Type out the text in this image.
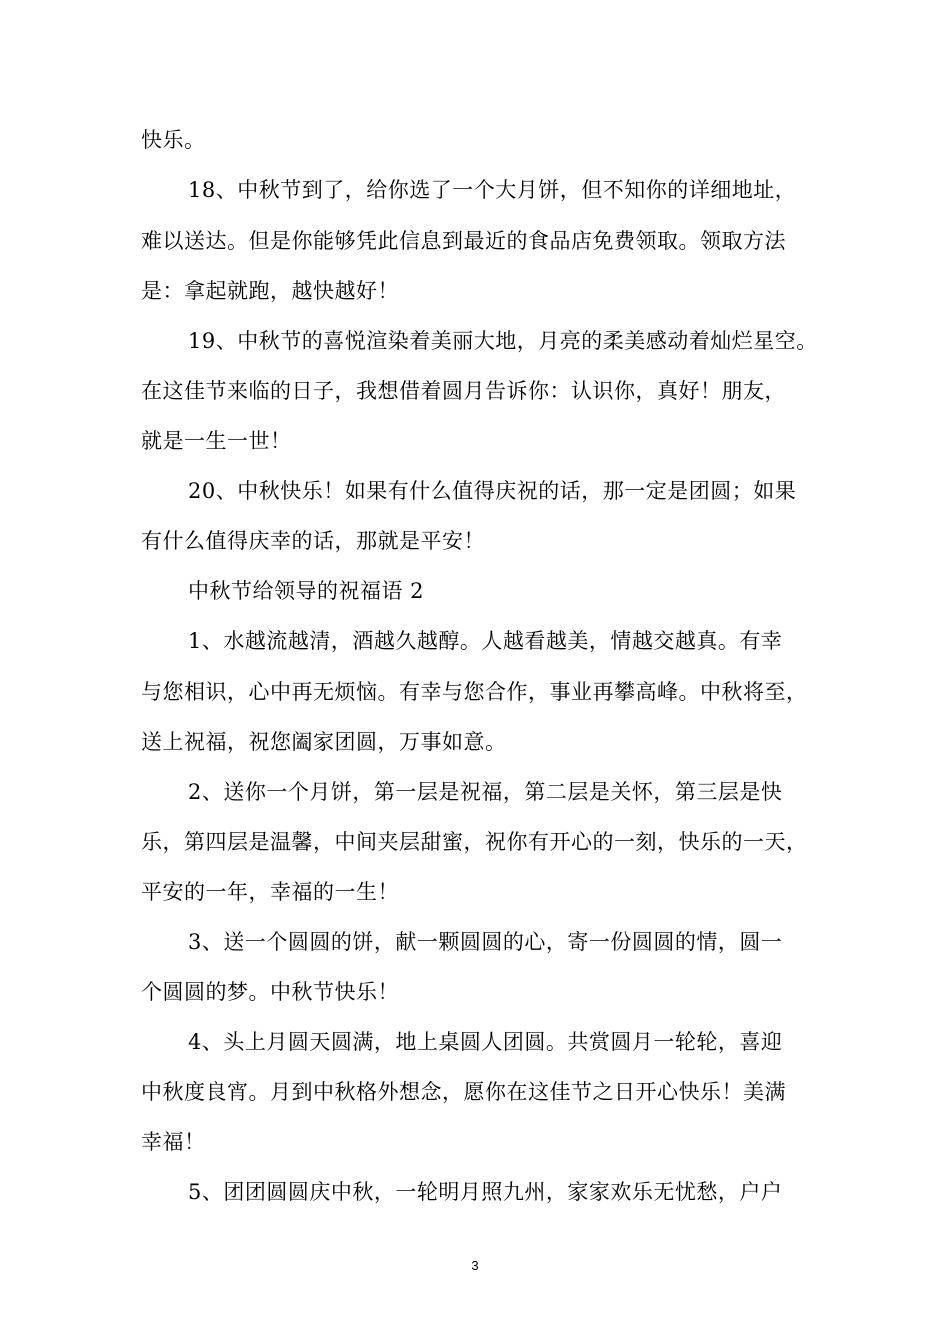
快乐。
18、中秋节到了，给你选了一个大月饼，但不知你的详细地址，
难以送达。但是你能够凭此信息到最近的食品店免费领取。领取方法
是：拿起就跑，越快越好！
19、中秋节的喜悦渲染着美丽大地，月亮的柔美感动着灿烂星空。
在这佳节来临的日子，我想借着圆月告诉你：认识你，真好！朋友，
就是一生一世！
20、中秋快乐！如果有什么值得庆祝的话，那一定是团圆；如果
有什么值得庆幸的话，那就是平安！
中秋节给领导的祝福语 2
1、水越流越清，酒越久越醇。人越看越美，情越交越真。有幸
与您相识，心中再无烦恼。有幸与您合作，事业再攀高峰。中秋将至，
送上祝福，祝您阖家团圆，万事如意。
2、送你一个月饼，第一层是祝福，第二层是关怀，第三层是快
乐，第四层是温馨，中间夹层甜蜜，祝你有开心的一刻，快乐的一天，
平安的一年，幸福的一生！
3、送一个圆圆的饼，献一颗圆圆的心，寄一份圆圆的情，圆一
个圆圆的梦。中秋节快乐！
4、头上月圆天圆满，地上桌圆人团圆。共赏圆月一轮轮，喜迎
中秋度良宵。月到中秋格外想念，愿你在这佳节之日开心快乐！美满
幸福！
5、团团圆圆庆中秋，一轮明月照九州，家家欢乐无忧愁，户户
3
